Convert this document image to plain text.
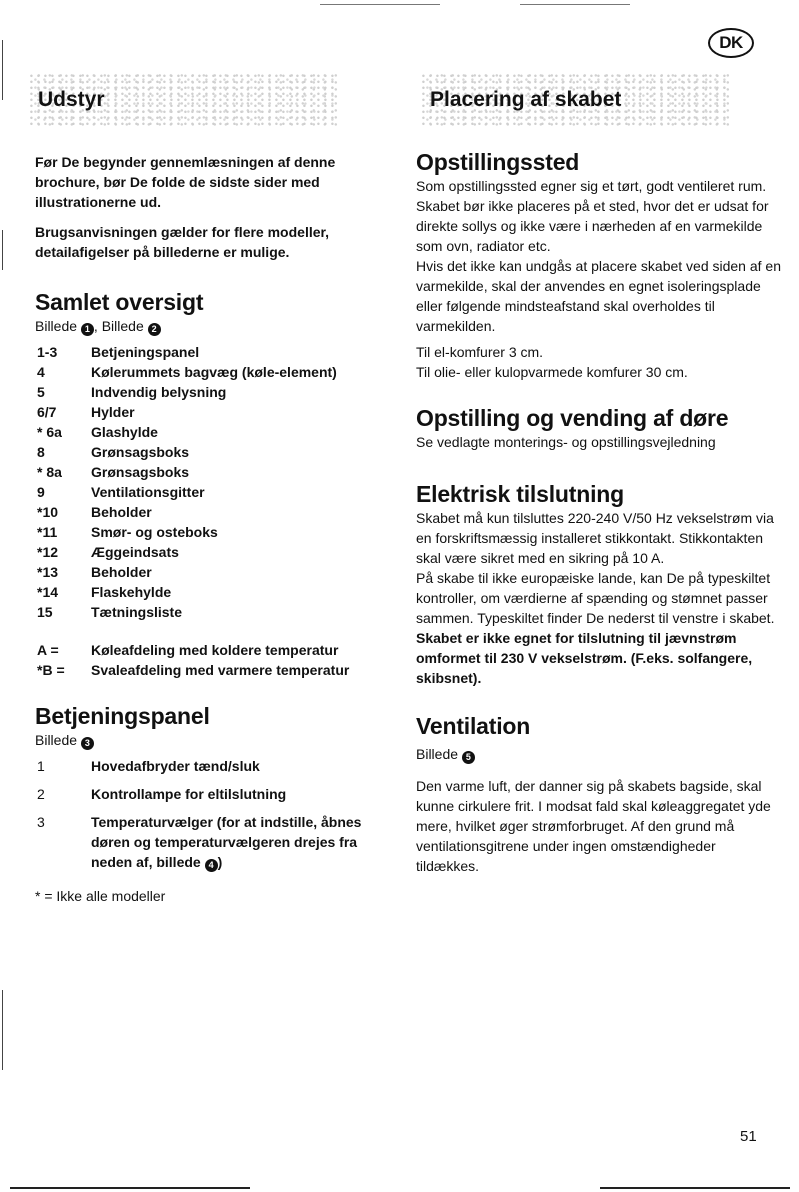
DK
Udstyr	Placering af skabet

Før De begynder gennemlæsningen af denne brochure, bør De folde de sidste sider med illustrationerne ud.

Brugsanvisningen gælder for flere modeller, detailafigelser på billederne er mulige.

Samlet oversigt

Billede 1 , Billede 2

1-3	Betjeningspanel
4	Kølerummets bagvæg (køle-element)
5	Indvendig belysning
6/7	Hylder
* 6a	Glashylde
8	Grønsagsboks
* 8a	Grønsagsboks
9	Ventilationsgitter
*10	Beholder
*11	Smør- og osteboks
*12	Æggeindsats
*13	Beholder
*14	Flaskehylde
15	Tætningsliste
A =	Køleafdeling med koldere temperatur
*B =	Svaleafdeling med varmere temperatur
Betjeningspanel

Billede 3

1	Hovedafbryder tænd/sluk
2	Kontrollampe for eltilslutning
3	Temperaturvælger (for at indstille, åbnes døren og temperaturvælgeren drejes fra neden af, billede 4 )
* = Ikke alle modeller
Opstillingssted

Som opstillingssted egner sig et tørt, godt ventileret rum. Skabet bør ikke placeres på et sted, hvor det er udsat for direkte sollys og ikke være i nærheden af en varmekilde som ovn, radiator etc.

Hvis det ikke kan undgås at placere skabet ved siden af en varmekilde, skal der anvendes en egnet isoleringsplade eller følgende mindsteafstand skal overholdes til varmekilden.

Til el-komfurer 3 cm.

Til olie- eller kulopvarmede komfurer 30 cm.

Opstilling og vending af døre

Se vedlagte monterings- og opstillingsvejledning

Elektrisk tilslutning

Skabet må kun tilsluttes 220-240 V/50 Hz vekselstrøm via en forskriftsmæssig installeret stikkontakt. Stikkontakten skal være sikret med en sikring på 10 A.

På skabe til ikke europæiske lande, kan De på typeskiltet kontroller, om værdierne af spænding og stømnet passer sammen. Typeskiltet finder De nederst til venstre i skabet.

Skabet er ikke egnet for tilslutning til jævnstrøm omformet til 230 V vekselstrøm. (F.eks. solfangere, skibsnet).

Ventilation

Billede 5

Den varme luft, der danner sig på skabets bagside, skal kunne cirkulere frit. I modsat fald skal køleaggregatet yde mere, hvilket øger strømforbruget. Af den grund må ventilationsgitrene under ingen omstændigheder tildækkes.

51
